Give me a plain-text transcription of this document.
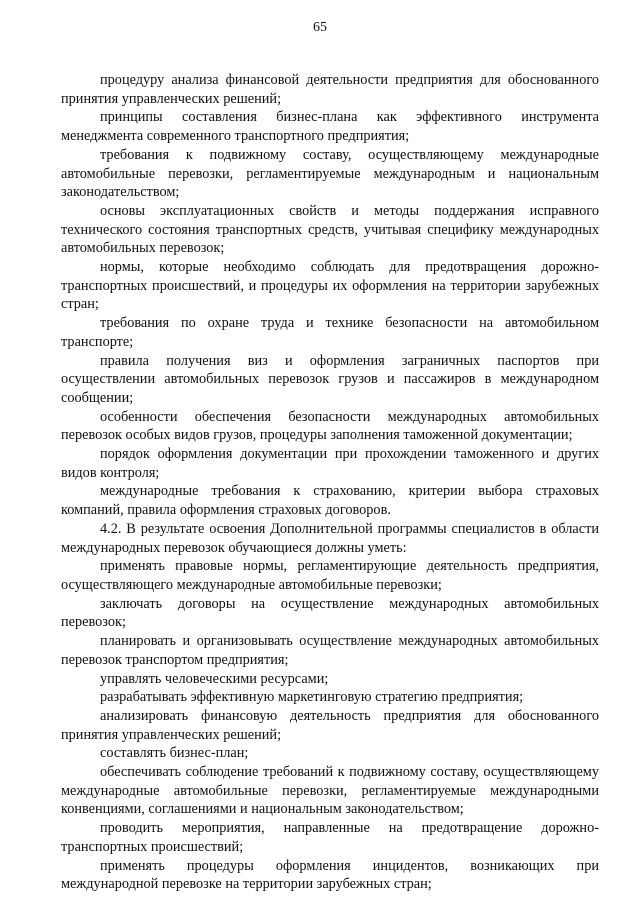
65

процедуру анализа финансовой деятельности предприятия для обоснованного принятия управленческих решений;

принципы составления бизнес-плана как эффективного инструмента менеджмента современного транспортного предприятия;

требования к подвижному составу, осуществляющему международные автомобильные перевозки, регламентируемые международным и национальным законодательством;

основы эксплуатационных свойств и методы поддержания исправного технического состояния транспортных средств, учитывая специфику международных автомобильных перевозок;

нормы, которые необходимо соблюдать для предотвращения дорожно-транспортных происшествий, и процедуры их оформления на территории зарубежных стран;

требования по охране труда и технике безопасности на автомобильном транспорте;

правила получения виз и оформления заграничных паспортов при осуществлении автомобильных перевозок грузов и пассажиров в международном сообщении;

особенности обеспечения безопасности международных автомобильных перевозок особых видов грузов, процедуры заполнения таможенной документации;

порядок оформления документации при прохождении таможенного и других видов контроля;

международные требования к страхованию, критерии выбора страховых компаний, правила оформления страховых договоров.

4.2. В результате освоения Дополнительной программы специалистов в области международных перевозок обучающиеся должны уметь:

применять правовые нормы, регламентирующие деятельность предприятия, осуществляющего международные автомобильные перевозки;

заключать договоры на осуществление международных автомобильных перевозок;

планировать и организовывать осуществление международных автомобильных перевозок транспортом предприятия;

управлять человеческими ресурсами;

разрабатывать эффективную маркетинговую стратегию предприятия;

анализировать финансовую деятельность предприятия для обоснованного принятия управленческих решений;

составлять бизнес-план;

обеспечивать соблюдение требований к подвижному составу, осуществляющему международные автомобильные перевозки, регламентируемые международными конвенциями, соглашениями и национальным законодательством;

проводить мероприятия, направленные на предотвращение дорожно-транспортных происшествий;

применять процедуры оформления инцидентов, возникающих при международной перевозке на территории зарубежных стран;
